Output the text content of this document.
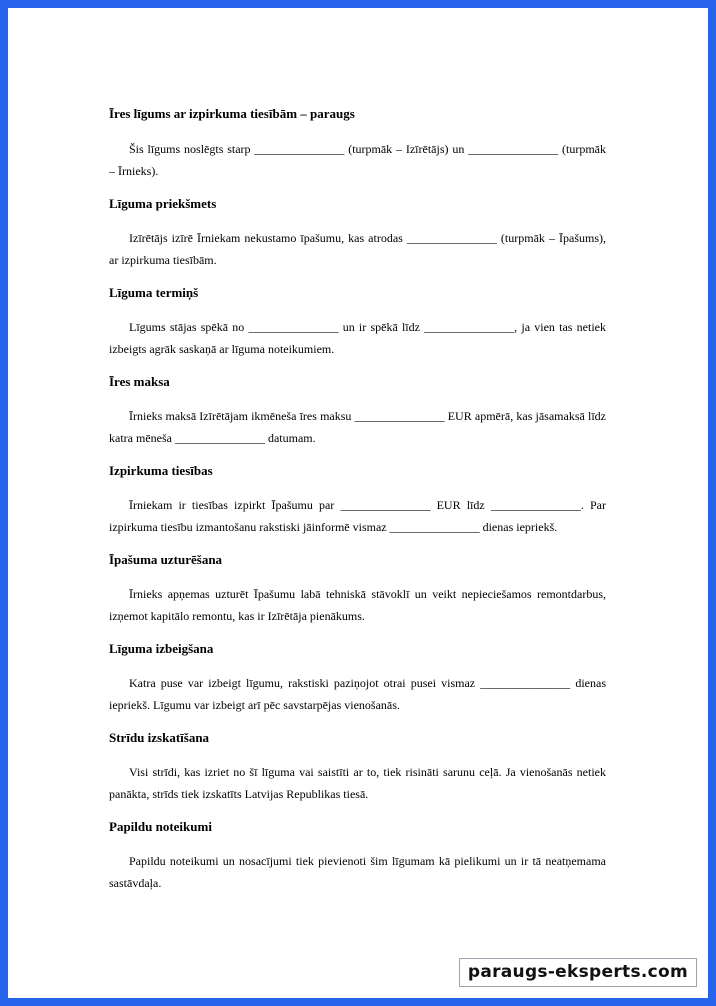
Īres līgums ar izpirkuma tiesībām – paraugs

Šis līgums noslēgts starp _______________ (turpmāk – Izīrētājs) un _______________ (turpmāk – Īrnieks).

Līguma priekšmets

Izīrētājs izīrē Īrniekam nekustamo īpašumu, kas atrodas _______________ (turpmāk – Īpašums), ar izpirkuma tiesībām.

Līguma termiņš

Līgums stājas spēkā no _______________ un ir spēkā līdz _______________, ja vien tas netiek izbeigts agrāk saskaņā ar līguma noteikumiem.

Īres maksa

Īrnieks maksā Izīrētājam ikmēneša īres maksu _______________ EUR apmērā, kas jāsamaksā līdz katra mēneša _______________ datumam.

Izpirkuma tiesības

Īrniekam ir tiesības izpirkt Īpašumu par _______________ EUR līdz _______________. Par izpirkuma tiesību izmantošanu rakstiski jāinformē vismaz _______________ dienas iepriekš.

Īpašuma uzturēšana

Īrnieks apņemas uzturēt Īpašumu labā tehniskā stāvoklī un veikt nepieciešamos remontdarbus, izņemot kapitālo remontu, kas ir Izīrētāja pienākums.

Līguma izbeigšana

Katra puse var izbeigt līgumu, rakstiski paziņojot otrai pusei vismaz _______________ dienas iepriekš. Līgumu var izbeigt arī pēc savstarpējas vienošanās.

Strīdu izskatīšana

Visi strīdi, kas izriet no šī līguma vai saistīti ar to, tiek risināti sarunu ceļā. Ja vienošanās netiek panākta, strīds tiek izskatīts Latvijas Republikas tiesā.

Papildu noteikumi

Papildu noteikumi un nosacījumi tiek pievienoti šim līgumam kā pielikumi un ir tā neatņemama sastāvdaļa.

paraugs-eksperts.com
